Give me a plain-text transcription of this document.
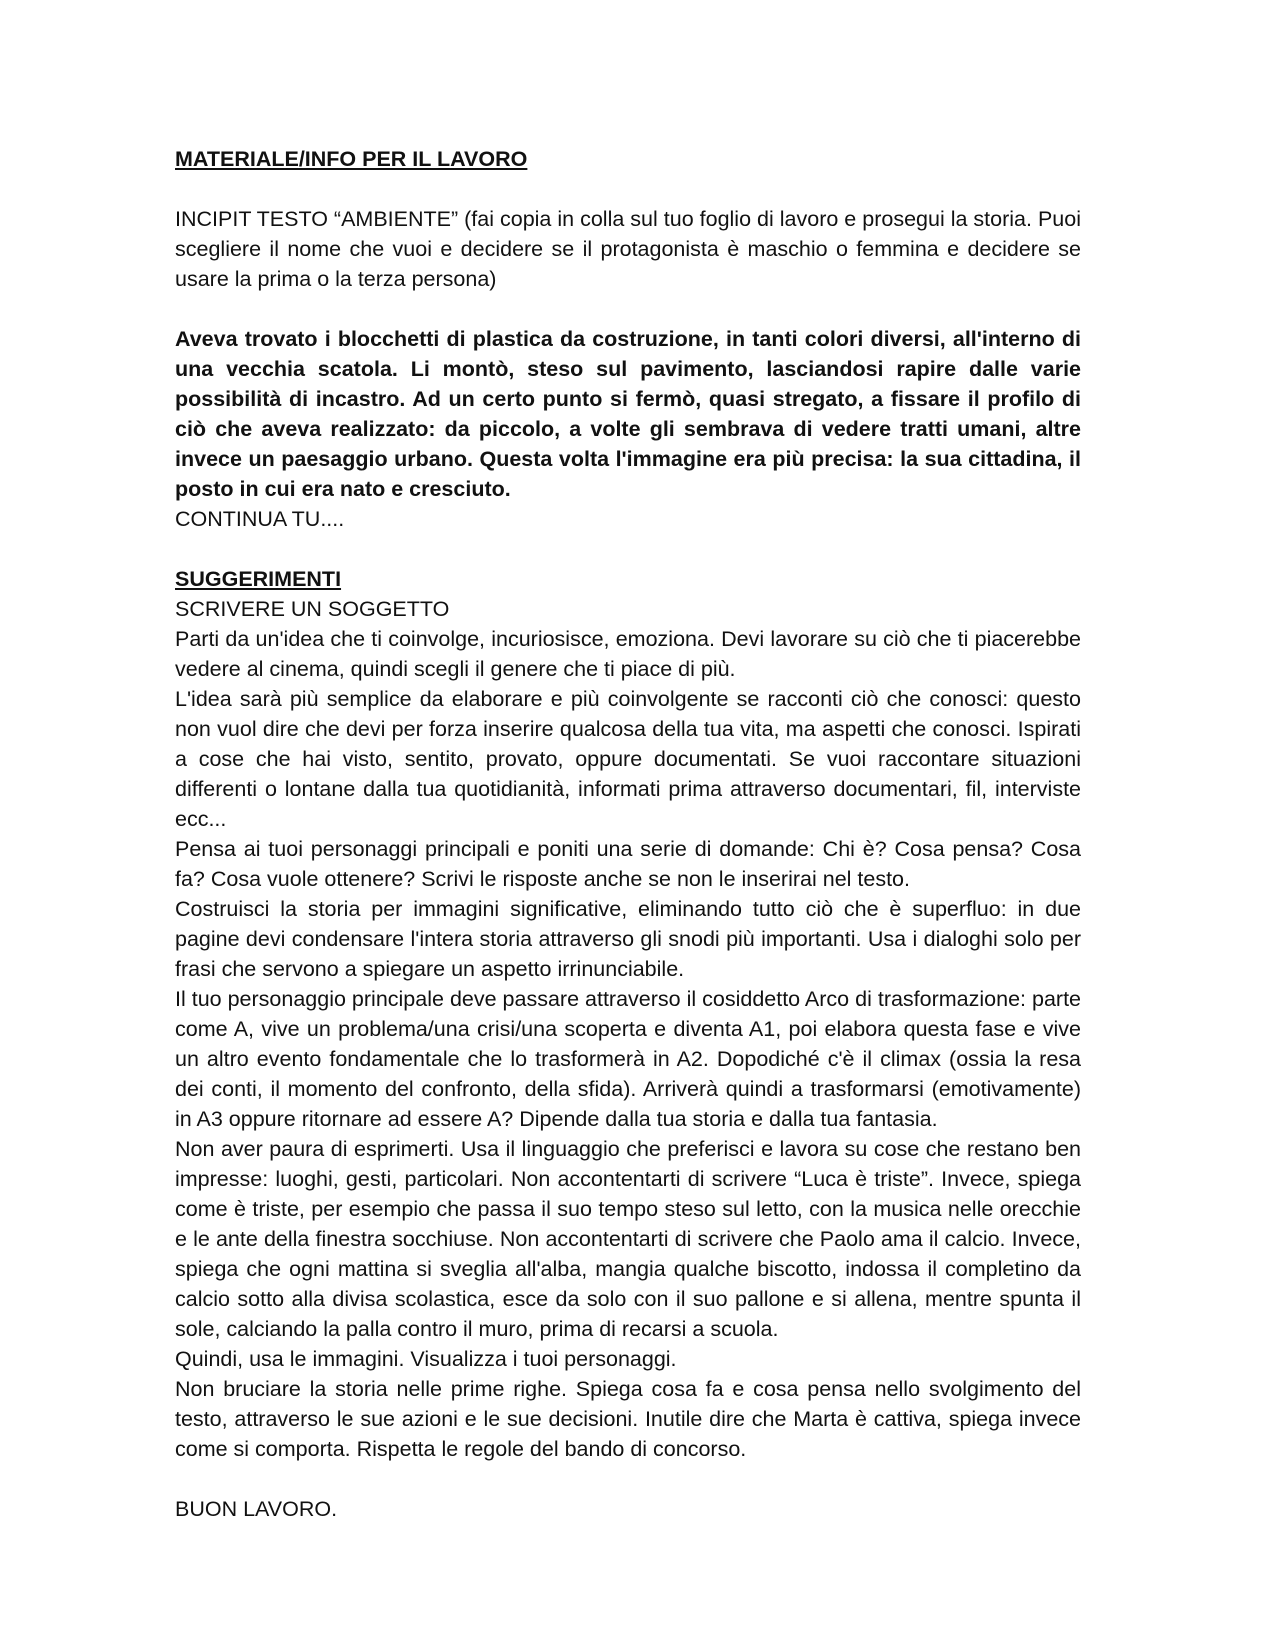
MATERIALE/INFO PER IL LAVORO

INCIPIT TESTO “AMBIENTE” (fai copia in colla sul tuo foglio di lavoro e prosegui la storia. Puoi scegliere il nome che vuoi e decidere se il protagonista è maschio o femmina e decidere se usare la prima o la terza persona)

Aveva trovato i blocchetti di plastica da costruzione, in tanti colori diversi, all'interno di una vecchia scatola. Li montò, steso sul pavimento, lasciandosi rapire dalle varie possibilità di incastro. Ad un certo punto si fermò, quasi stregato, a fissare il profilo di ciò che aveva realizzato: da piccolo, a volte gli sembrava di vedere tratti umani, altre invece un paesaggio urbano. Questa volta l'immagine era più precisa: la sua cittadina, il posto in cui era nato e cresciuto.

CONTINUA TU....

SUGGERIMENTI

SCRIVERE UN SOGGETTO

Parti da un'idea che ti coinvolge, incuriosisce, emoziona. Devi lavorare su ciò che ti piacerebbe vedere al cinema, quindi scegli il genere che ti piace di più.

L'idea sarà più semplice da elaborare e più coinvolgente se racconti ciò che conosci: questo non vuol dire che devi per forza inserire qualcosa della tua vita, ma aspetti che conosci. Ispirati a cose che hai visto, sentito, provato, oppure documentati. Se vuoi raccontare situazioni differenti o lontane dalla tua quotidianità, informati prima attraverso documentari, fil, interviste ecc...

Pensa ai tuoi personaggi principali e poniti una serie di domande: Chi è? Cosa pensa? Cosa fa? Cosa vuole ottenere? Scrivi le risposte anche se non le inserirai nel testo.

Costruisci la storia per immagini significative, eliminando tutto ciò che è superfluo: in due pagine devi condensare l'intera storia attraverso gli snodi più importanti. Usa i dialoghi solo per frasi che servono a spiegare un aspetto irrinunciabile.

Il tuo personaggio principale deve passare attraverso il cosiddetto Arco di trasformazione: parte come A, vive un problema/una crisi/una scoperta e diventa A1, poi elabora questa fase e vive un altro evento fondamentale che lo trasformerà in A2. Dopodiché c'è il climax (ossia la resa dei conti, il momento del confronto, della sfida). Arriverà quindi a trasformarsi (emotivamente) in A3 oppure ritornare ad essere A? Dipende dalla tua storia e dalla tua fantasia.

Non aver paura di esprimerti. Usa il linguaggio che preferisci e lavora su cose che restano ben impresse: luoghi, gesti, particolari. Non accontentarti di scrivere “Luca è triste”. Invece, spiega come è triste, per esempio che passa il suo tempo steso sul letto, con la musica nelle orecchie e le ante della finestra socchiuse. Non accontentarti di scrivere che Paolo ama il calcio. Invece, spiega che ogni mattina si sveglia all'alba, mangia qualche biscotto, indossa il completino da calcio sotto alla divisa scolastica, esce da solo con il suo pallone e si allena, mentre spunta il sole, calciando la palla contro il muro, prima di recarsi a scuola.

Quindi, usa le immagini. Visualizza i tuoi personaggi.

Non bruciare la storia nelle prime righe. Spiega cosa fa e cosa pensa nello svolgimento del testo, attraverso le sue azioni e le sue decisioni. Inutile dire che Marta è cattiva, spiega invece come si comporta. Rispetta le regole del bando di concorso.

BUON LAVORO.
